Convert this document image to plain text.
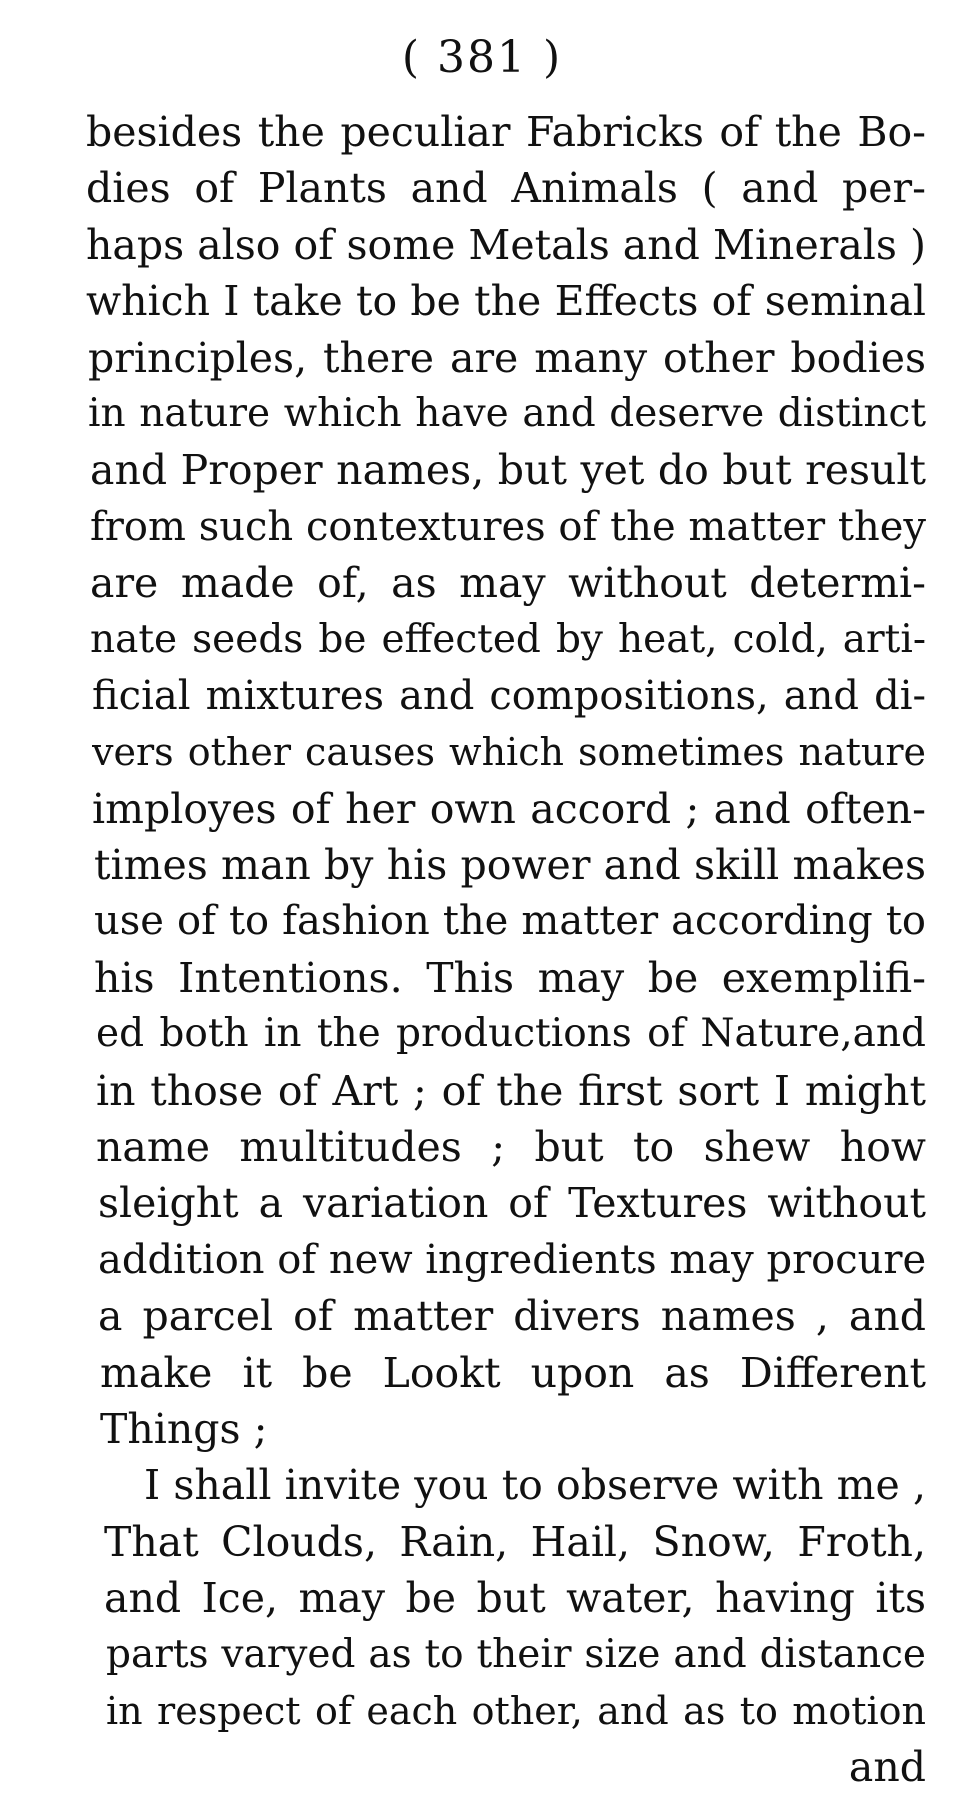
( 381 )
besides the peculiar Fabricks of the Bo-
dies of Plants and Animals ( and per-
haps also of some Metals and Minerals )
which I take to be the Effects of seminal
principles, there are many other bodies
in nature which have and deserve distinct
and Proper names, but yet do but result
from such contextures of the matter they
are made of, as may without determi-
nate seeds be effected by heat, cold, arti-
ficial mixtures and compositions, and di-
vers other causes which sometimes nature
imployes of her own accord ; and often-
times man by his power and skill makes
use of to fashion the matter according to
his Intentions. This may be exemplifi-
ed both in the productions of Nature,and
in those of Art ; of the first sort I might
name multitudes ; but to shew how
sleight a variation of Textures without
addition of new ingredients may procure
a parcel of matter divers names , and
make it be Lookt upon as Different
Things ;
I shall invite you to observe with me ,
That Clouds, Rain, Hail, Snow, Froth,
and Ice, may be but water, having its
parts varyed as to their size and distance
in respect of each other, and as to motion
and
